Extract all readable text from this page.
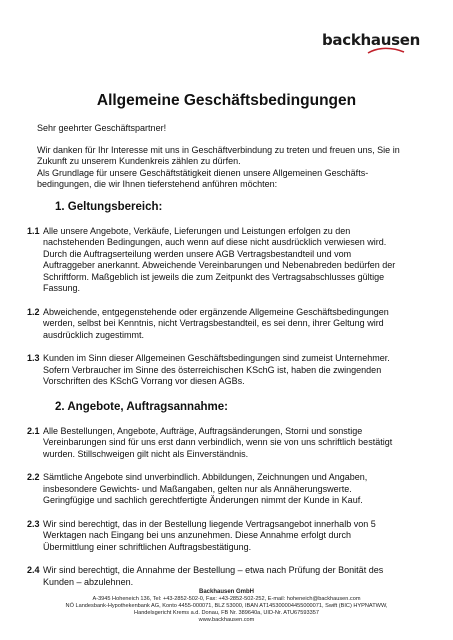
backhausen
Allgemeine Geschäftsbedingungen

Sehr geehrter Geschäftspartner!

Wir danken für Ihr Interesse mit uns in Geschäftverbindung zu treten und freuen uns, Sie in

Zukunft zu unserem Kundenkreis zählen zu dürfen.

Als Grundlage für unsere Geschäftstätigkeit dienen unsere Allgemeinen Geschäfts-

bedingungen, die wir Ihnen tieferstehend anführen möchten:

1. Geltungsbereich:
1.1 Alle unsere Angebote, Verkäufe, Lieferungen und Leistungen erfolgen zu den
nachstehenden Bedingungen, auch wenn auf diese nicht ausdrücklich verwiesen wird.
Durch die Auftragserteilung werden unsere AGB Vertragsbestandteil und vom
Auftraggeber anerkannt. Abweichende Vereinbarungen und Nebenabreden bedürfen der
Schriftform. Maßgeblich ist jeweils die zum Zeitpunkt des Vertragsabschlusses gültige
Fassung.
1.2 Abweichende, entgegenstehende oder ergänzende Allgemeine Geschäftsbedingungen
werden, selbst bei Kenntnis, nicht Vertragsbestandteil, es sei denn, ihrer Geltung wird
ausdrücklich zugestimmt.
1.3 Kunden im Sinn dieser Allgemeinen Geschäftsbedingungen sind zumeist Unternehmer.
Sofern Verbraucher im Sinne des österreichischen KSchG ist, haben die zwingenden
Vorschriften des KSchG Vorrang vor diesen AGBs.
2. Angebote, Auftragsannahme:
2.1 Alle Bestellungen, Angebote, Aufträge, Auftragsänderungen, Storni und sonstige
Vereinbarungen sind für uns erst dann verbindlich, wenn sie von uns schriftlich bestätigt
wurden. Stillschweigen gilt nicht als Einverständnis.
2.2 Sämtliche Angebote sind unverbindlich. Abbildungen, Zeichnungen und Angaben,
insbesondere Gewichts- und Maßangaben, gelten nur als Annäherungswerte.
Geringfügige und sachlich gerechtfertigte Änderungen nimmt der Kunde in Kauf.
2.3 Wir sind berechtigt, das in der Bestellung liegende Vertragsangebot innerhalb von 5
Werktagen nach Eingang bei uns anzunehmen. Diese Annahme erfolgt durch
Übermittlung einer schriftlichen Auftragsbestätigung.
2.4 Wir sind berechtigt, die Annahme der Bestellung – etwa nach Prüfung der Bonität des
Kunden – abzulehnen.
Backhausen GmbH
A-3945 Hoheneich 136, Tel: +43-2852-502-0, Fax: +43-2852-502-252, E-mail: hoheneich@backhausen.com
NÖ Landesbank-Hypothekenbank AG, Konto 4455-000071, BLZ 53000, IBAN AT145300004455000071, Swift (BIC) HYPNATWW,
Handelsgericht Krems a.d. Donau, FB Nr. 389640a, UID-Nr. ATU67593357
www.backhausen.com
